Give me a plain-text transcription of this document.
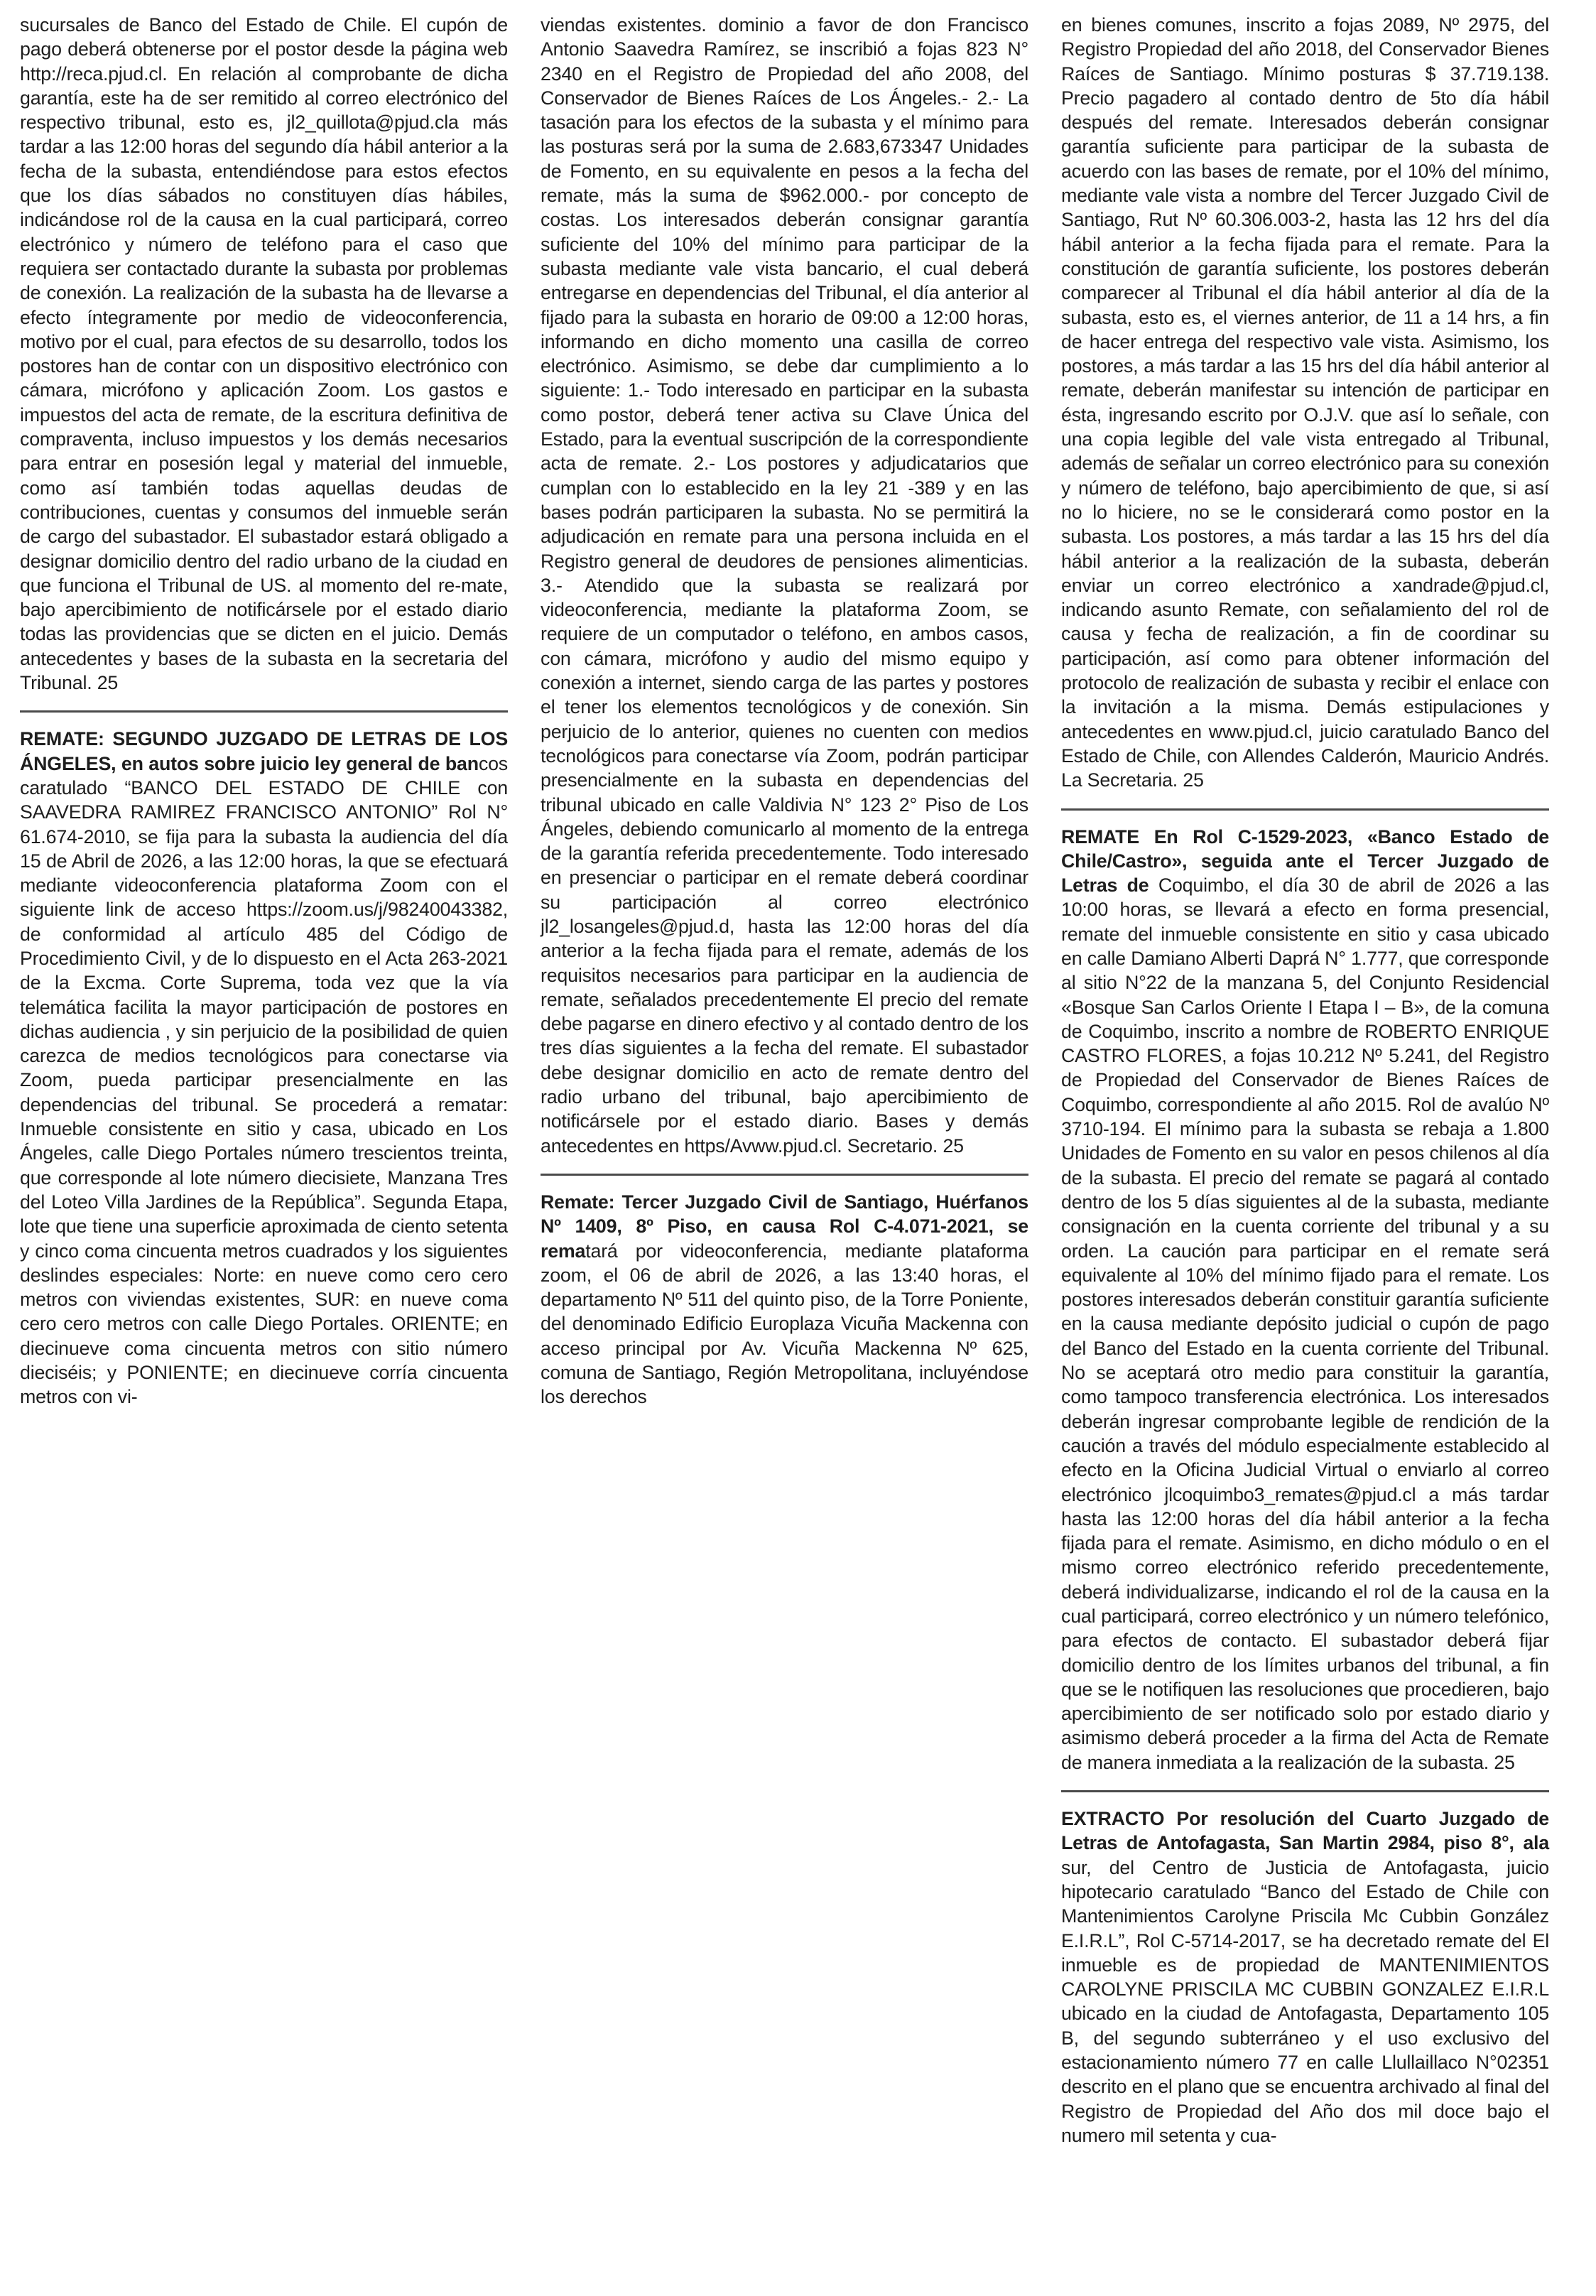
sucursales de Banco del Estado de Chile. El cupón de pago deberá obtenerse por el postor desde la página web http://reca.pjud.cl. En relación al comprobante de dicha garantía, este ha de ser remitido al correo electrónico del respectivo tribunal, esto es, jl2_quillota@pjud.cla más tardar a las 12:00 horas del segundo día hábil anterior a la fecha de la subasta, entendiéndose para estos efectos que los días sábados no constituyen días hábiles, indicándose rol de la causa en la cual participará, correo electrónico y número de teléfono para el caso que requiera ser contactado durante la subasta por problemas de conexión. La realización de la subasta ha de llevarse a efecto íntegramente por medio de videoconferencia, motivo por el cual, para efectos de su desarrollo, todos los postores han de contar con un dispositivo electrónico con cámara, micrófono y aplicación Zoom. Los gastos e impuestos del acta de remate, de la escritura definitiva de compraventa, incluso impuestos y los demás necesarios para entrar en posesión legal y material del inmueble, como así también todas aquellas deudas de contribuciones, cuentas y consumos del inmueble serán de cargo del subastador. El subastador estará obligado a designar domicilio dentro del radio urbano de la ciudad en que funciona el Tribunal de US. al momento del re-mate, bajo apercibimiento de notificársele por el estado diario todas las providencias que se dicten en el juicio. Demás antecedentes y bases de la subasta en la secretaria del Tribunal. 25

REMATE: SEGUNDO JUZGADO DE LETRAS DE LOS ÁNGELES, en autos sobre juicio ley general de bancos caratulado “BANCO DEL ESTADO DE CHILE con SAAVEDRA RAMIREZ FRANCISCO ANTONIO” Rol N° 61.674-2010, se fija para la subasta la audiencia del día 15 de Abril de 2026, a las 12:00 horas, la que se efectuará mediante videoconferencia plataforma Zoom con el siguiente link de acceso https://zoom.us/j/98240043382, de conformidad al artículo 485 del Código de Procedimiento Civil, y de lo dispuesto en el Acta 263-2021 de la Excma. Corte Suprema, toda vez que la vía telemática facilita la mayor participación de postores en dichas audiencia , y sin perjuicio de la posibilidad de quien carezca de medios tecnológicos para conectarse via Zoom, pueda participar presencialmente en las dependencias del tribunal. Se procederá a rematar: Inmueble consistente en sitio y casa, ubicado en Los Ángeles, calle Diego Portales número trescientos treinta, que corresponde al lote número diecisiete, Manzana Tres del Loteo Villa Jardines de la República”. Segunda Etapa, lote que tiene una superficie aproximada de ciento setenta y cinco coma cincuenta metros cuadrados y los siguientes deslindes especiales: Norte: en nueve como cero cero metros con viviendas existentes, SUR: en nueve coma cero cero metros con calle Diego Portales. ORIENTE; en diecinueve coma cincuenta metros con sitio número dieciséis; y PONIENTE; en diecinueve corría cincuenta metros con vi-

viendas existentes. dominio a favor de don Francisco Antonio Saavedra Ramírez, se inscribió a fojas 823 N° 2340 en el Registro de Propiedad del año 2008, del Conservador de Bienes Raíces de Los Ángeles.- 2.- La tasación para los efectos de la subasta y el mínimo para las posturas será por la suma de 2.683,673347 Unidades de Fomento, en su equivalente en pesos a la fecha del remate, más la suma de $962.000.- por concepto de costas. Los interesados deberán consignar garantía suficiente del 10% del mínimo para participar de la subasta mediante vale vista bancario, el cual deberá entregarse en dependencias del Tribunal, el día anterior al fijado para la subasta en horario de 09:00 a 12:00 horas, informando en dicho momento una casilla de correo electrónico. Asimismo, se debe dar cumplimiento a lo siguiente: 1.- Todo interesado en participar en la subasta como postor, deberá tener activa su Clave Única del Estado, para la eventual suscripción de la correspondiente acta de remate. 2.- Los postores y adjudicatarios que cumplan con lo establecido en la ley 21 -389 y en las bases podrán participaren la subasta. No se permitirá la adjudicación en remate para una persona incluida en el Registro general de deudores de pensiones alimenticias. 3.- Atendido que la subasta se realizará por videoconferencia, mediante la plataforma Zoom, se requiere de un computador o teléfono, en ambos casos, con cámara, micrófono y audio del mismo equipo y conexión a internet, siendo carga de las partes y postores el tener los elementos tecnológicos y de conexión. Sin perjuicio de lo anterior, quienes no cuenten con medios tecnológicos para conectarse vía Zoom, podrán participar presencialmente en la subasta en dependencias del tribunal ubicado en calle Valdivia N° 123 2° Piso de Los Ángeles, debiendo comunicarlo al momento de la entrega de la garantía referida precedentemente. Todo interesado en presenciar o participar en el remate deberá coordinar su participación al correo electrónico jl2_losangeles@pjud.d, hasta las 12:00 horas del día anterior a la fecha fijada para el remate, además de los requisitos necesarios para participar en la audiencia de remate, señalados precedentemente El precio del remate debe pagarse en dinero efectivo y al contado dentro de los tres días siguientes a la fecha del remate. El subastador debe designar domicilio en acto de remate dentro del radio urbano del tribunal, bajo apercibimiento de notificársele por el estado diario. Bases y demás antecedentes en https/Avww.pjud.cl. Secretario. 25

Remate: Tercer Juzgado Civil de Santiago, Huérfanos Nº 1409, 8º Piso, en causa Rol C-4.071-2021, se rematará por videoconferencia, mediante plataforma zoom, el 06 de abril de 2026, a las 13:40 horas, el departamento Nº 511 del quinto piso, de la Torre Poniente, del denominado Edificio Europlaza Vicuña Mackenna con acceso principal por Av. Vicuña Mackenna Nº 625, comuna de Santiago, Región Metropolitana, incluyéndose los derechos

en bienes comunes, inscrito a fojas 2089, Nº 2975, del Registro Propiedad del año 2018, del Conservador Bienes Raíces de Santiago. Mínimo posturas $ 37.719.138. Precio pagadero al contado dentro de 5to día hábil después del remate. Interesados deberán consignar garantía suficiente para participar de la subasta de acuerdo con las bases de remate, por el 10% del mínimo, mediante vale vista a nombre del Tercer Juzgado Civil de Santiago, Rut Nº 60.306.003-2, hasta las 12 hrs del día hábil anterior a la fecha fijada para el remate. Para la constitución de garantía suficiente, los postores deberán comparecer al Tribunal el día hábil anterior al día de la subasta, esto es, el viernes anterior, de 11 a 14 hrs, a fin de hacer entrega del respectivo vale vista. Asimismo, los postores, a más tardar a las 15 hrs del día hábil anterior al remate, deberán manifestar su intención de participar en ésta, ingresando escrito por O.J.V. que así lo señale, con una copia legible del vale vista entregado al Tribunal, además de señalar un correo electrónico para su conexión y número de teléfono, bajo apercibimiento de que, si así no lo hiciere, no se le considerará como postor en la subasta. Los postores, a más tardar a las 15 hrs del día hábil anterior a la realización de la subasta, deberán enviar un correo electrónico a xandrade@pjud.cl, indicando asunto Remate, con señalamiento del rol de causa y fecha de realización, a fin de coordinar su participación, así como para obtener información del protocolo de realización de subasta y recibir el enlace con la invitación a la misma. Demás estipulaciones y antecedentes en www.pjud.cl, juicio caratulado Banco del Estado de Chile, con Allendes Calderón, Mauricio Andrés. La Secretaria. 25

REMATE En Rol C-1529-2023, «Banco Estado de Chile/Castro», seguida ante el Tercer Juzgado de Letras de Coquimbo, el día 30 de abril de 2026 a las 10:00 horas, se llevará a efecto en forma presencial, remate del inmueble consistente en sitio y casa ubicado en calle Damiano Alberti Daprá N° 1.777, que corresponde al sitio N°22 de la manzana 5, del Conjunto Residencial «Bosque San Carlos Oriente I Etapa I – B», de la comuna de Coquimbo, inscrito a nombre de ROBERTO ENRIQUE CASTRO FLORES, a fojas 10.212 Nº 5.241, del Registro de Propiedad del Conservador de Bienes Raíces de Coquimbo, correspondiente al año 2015. Rol de avalúo Nº 3710-194. El mínimo para la subasta se rebaja a 1.800 Unidades de Fomento en su valor en pesos chilenos al día de la subasta. El precio del remate se pagará al contado dentro de los 5 días siguientes al de la subasta, mediante consignación en la cuenta corriente del tribunal y a su orden. La caución para participar en el remate será equivalente al 10% del mínimo fijado para el remate. Los postores interesados deberán constituir garantía suficiente en la causa mediante depósito judicial o cupón de pago del Banco del Estado en la cuenta corriente del Tribunal. No se aceptará otro medio para constituir la garantía, como tampoco transferencia electrónica. Los interesados deberán ingresar comprobante legible de rendición de la caución a través del módulo especialmente establecido al efecto en la Oficina Judicial Virtual o enviarlo al correo electrónico jlcoquimbo3_remates@pjud.cl a más tardar hasta las 12:00 horas del día hábil anterior a la fecha fijada para el remate. Asimismo, en dicho módulo o en el mismo correo electrónico referido precedentemente, deberá individualizarse, indicando el rol de la causa en la cual participará, correo electrónico y un número telefónico, para efectos de contacto. El subastador deberá fijar domicilio dentro de los límites urbanos del tribunal, a fin que se le notifiquen las resoluciones que procedieren, bajo apercibimiento de ser notificado solo por estado diario y asimismo deberá proceder a la firma del Acta de Remate de manera inmediata a la realización de la subasta. 25

EXTRACTO Por resolución del Cuarto Juzgado de Letras de Antofagasta, San Martin 2984, piso 8°, ala sur, del Centro de Justicia de Antofagasta, juicio hipotecario caratulado “Banco del Estado de Chile con Mantenimientos Carolyne Priscila Mc Cubbin González E.I.R.L”, Rol C-5714-2017, se ha decretado remate del El inmueble es de propiedad de MANTENIMIENTOS CAROLYNE PRISCILA MC CUBBIN GONZALEZ E.I.R.L ubicado en la ciudad de Antofagasta, Departamento 105 B, del segundo subterráneo y el uso exclusivo del estacionamiento número 77 en calle Llullaillaco N°02351 descrito en el plano que se encuentra archivado al final del Registro de Propiedad del Año dos mil doce bajo el numero mil setenta y cua-
